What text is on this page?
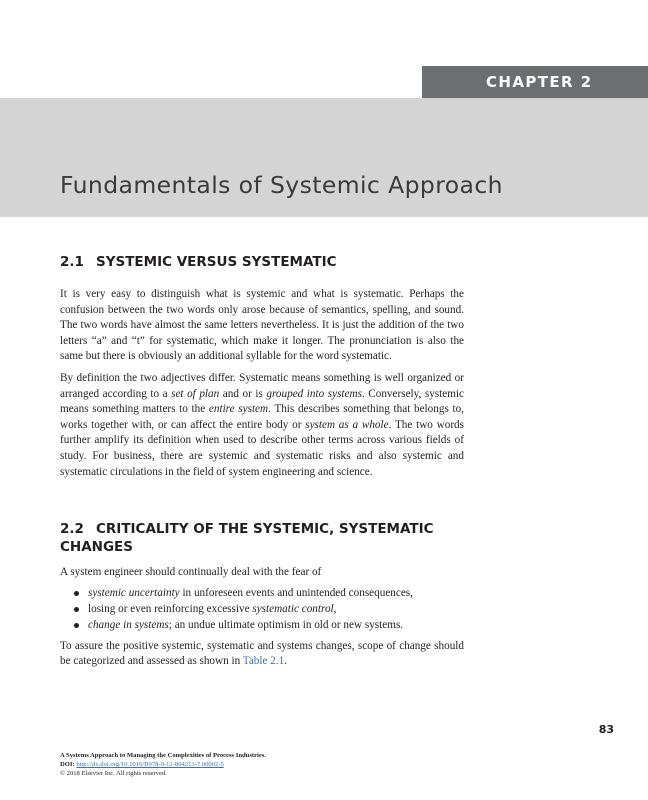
CHAPTER 2
Fundamentals of Systemic Approach
2.1 SYSTEMIC VERSUS SYSTEMATIC

It is very easy to distinguish what is systemic and what is systematic. Perhaps the confusion between the two words only arose because of semantics, spelling, and sound. The two words have almost the same letters nevertheless. It is just the addition of the two letters “a” and “t” for systematic, which make it longer. The pronunciation is also the same but there is obviously an additional syllable for the word systematic.

By definition the two adjectives differ. Systematic means something is well organized or arranged according to a set of plan and or is grouped into systems. Conversely, systemic means something matters to the entire system. This describes something that belongs to, works together with, or can affect the entire body or system as a whole. The two words further amplify its definition when used to describe other terms across various fields of study. For business, there are systemic and systematic risks and also systemic and systematic circulations in the field of system engineering and science.

2.2 CRITICALITY OF THE SYSTEMIC, SYSTEMATIC
CHANGES

A system engineer should continually deal with the fear of

systemic uncertainty in unforeseen events and unintended consequences,
losing or even reinforcing excessive systematic control,
change in systems; an undue ultimate optimism in old or new systems.

To assure the positive systemic, systematic and systems changes, scope of change should be categorized and assessed as shown in Table 2.1.

83
A Systems Approach to Managing the Complexities of Process Industries.
DOI: http://dx.doi.org/10.1016/B978-0-12-804213-7.00002-5
© 2018 Elsevier Inc. All rights reserved.
